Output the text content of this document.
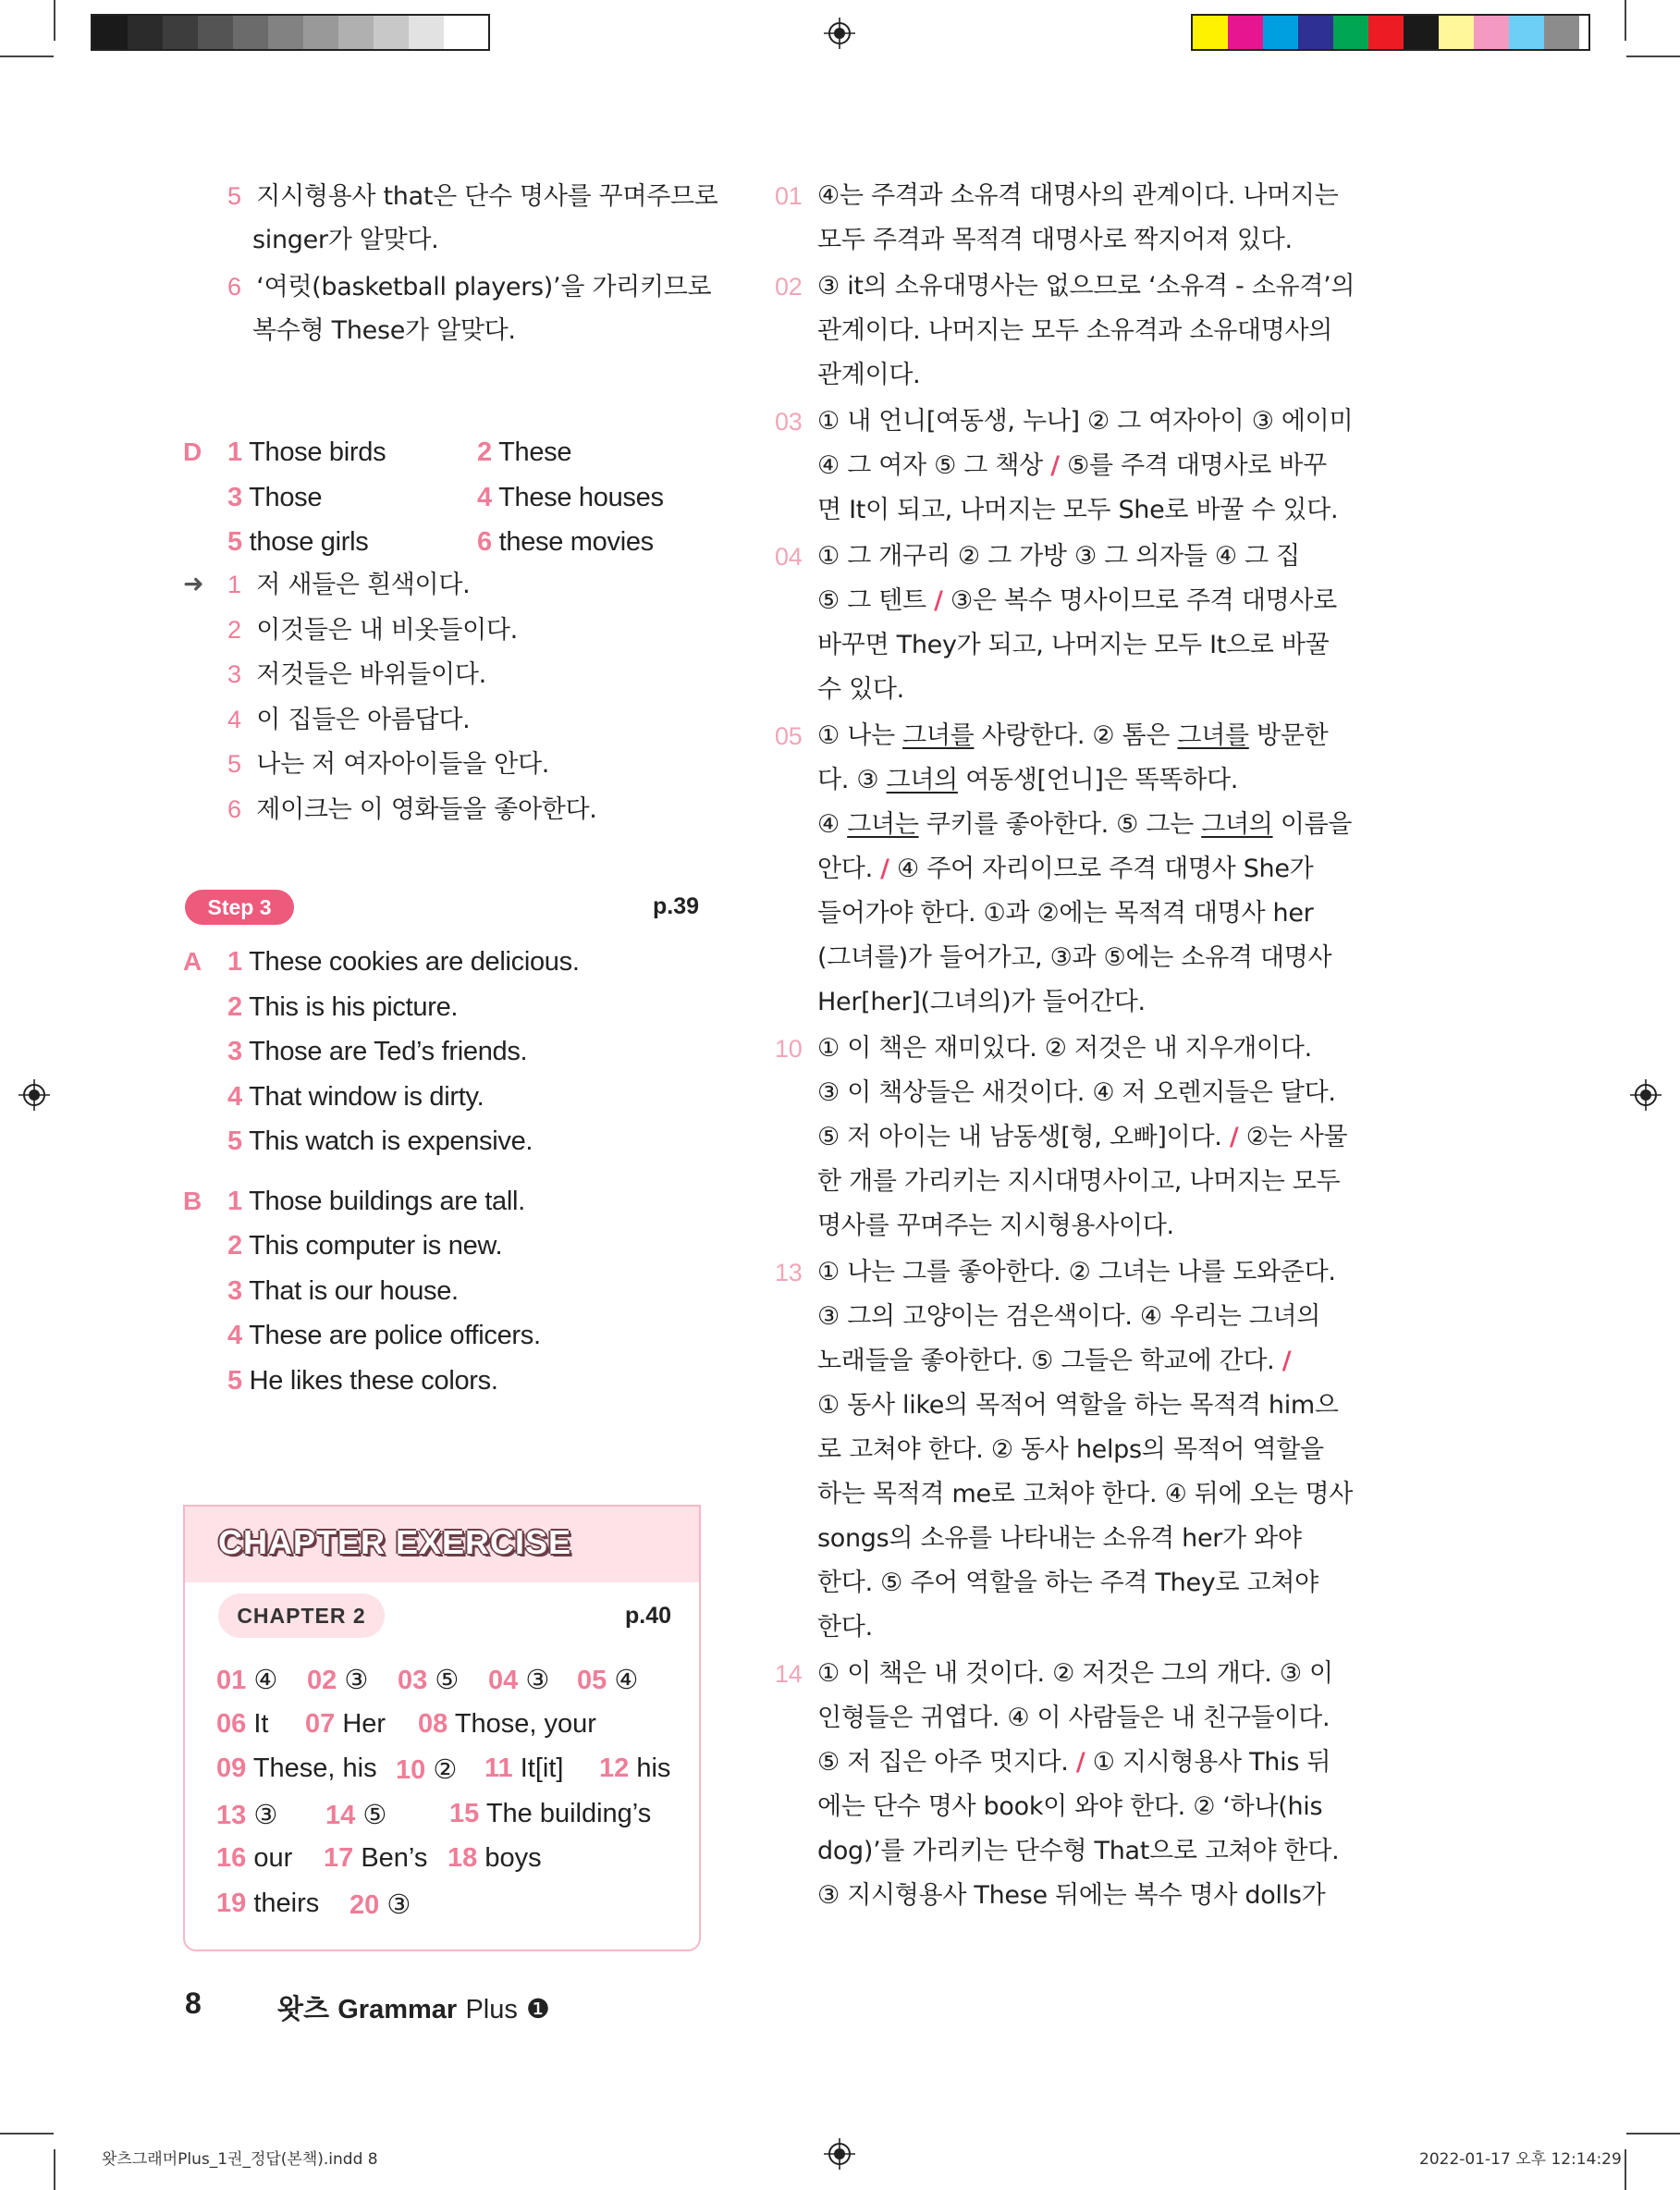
5 지시형용사 that은 단수 명사를 꾸며주므로
singer가 알맞다.
6 ‘여럿(basketball players)’을 가리키므로
복수형 These가 알맞다.
D 1 Those birds	2 These
3 Those	4 These houses
5 those girls	6 these movies
➜ 1 저 새들은 흰색이다.
2 이것들은 내 비옷들이다.
3 저것들은 바위들이다.
4 이 집들은 아름답다.
5 나는 저 여자아이들을 안다.
6 제이크는 이 영화들을 좋아한다.
Step 3	p.39
A 1 These cookies are delicious.
2 This is his picture.
3 Those are Ted’s friends.
4 That window is dirty.
5 This watch is expensive.
B 1 Those buildings are tall.
2 This computer is new.
3 That is our house.
4 These are police officers.
5 He likes these colors.
CHAPTER EXERCISE
CHAPTER 2	p.40
01 ④ 02 ③ 03 ⑤ 04 ③ 05 ④
06 It 07 Her 08 Those, your
09 These, his 10 ② 11 It[it] 12 his
13 ③ 14 ⑤ 15 The building’s
16 our 17 Ben’s 18 boys
19 theirs 20 ③
8	왓츠 Grammar Plus ❶
01 ④는 주격과 소유격 대명사의 관계이다. 나머지는
모두 주격과 목적격 대명사로 짝지어져 있다.
02 ③ it의 소유대명사는 없으므로 ‘소유격 - 소유격’의
관계이다. 나머지는 모두 소유격과 소유대명사의
관계이다.
03 ① 내 언니[여동생, 누나] ② 그 여자아이 ③ 에이미
④ 그 여자 ⑤ 그 책상 / ⑤를 주격 대명사로 바꾸
면 It이 되고, 나머지는 모두 She로 바꿀 수 있다.
04 ① 그 개구리 ② 그 가방 ③ 그 의자들 ④ 그 집
⑤ 그 텐트 / ③은 복수 명사이므로 주격 대명사로
바꾸면 They가 되고, 나머지는 모두 It으로 바꿀
수 있다.
05 ① 나는 그녀를 사랑한다. ② 톰은 그녀를 방문한
다. ③ 그녀의 여동생[언니]은 똑똑하다.
④ 그녀는 쿠키를 좋아한다. ⑤ 그는 그녀의 이름을
안다. / ④ 주어 자리이므로 주격 대명사 She가
들어가야 한다. ①과 ②에는 목적격 대명사 her
(그녀를)가 들어가고, ③과 ⑤에는 소유격 대명사
Her[her](그녀의)가 들어간다.
10 ① 이 책은 재미있다. ② 저것은 내 지우개이다.
③ 이 책상들은 새것이다. ④ 저 오렌지들은 달다.
⑤ 저 아이는 내 남동생[형, 오빠]이다. / ②는 사물
한 개를 가리키는 지시대명사이고, 나머지는 모두
명사를 꾸며주는 지시형용사이다.
13 ① 나는 그를 좋아한다. ② 그녀는 나를 도와준다.
③ 그의 고양이는 검은색이다. ④ 우리는 그녀의
노래들을 좋아한다. ⑤ 그들은 학교에 간다. /
① 동사 like의 목적어 역할을 하는 목적격 him으
로 고쳐야 한다. ② 동사 helps의 목적어 역할을
하는 목적격 me로 고쳐야 한다. ④ 뒤에 오는 명사
songs의 소유를 나타내는 소유격 her가 와야
한다. ⑤ 주어 역할을 하는 주격 They로 고쳐야
한다.
14 ① 이 책은 내 것이다. ② 저것은 그의 개다. ③ 이
인형들은 귀엽다. ④ 이 사람들은 내 친구들이다.
⑤ 저 집은 아주 멋지다. / ① 지시형용사 This 뒤
에는 단수 명사 book이 와야 한다. ② ‘하나(his
dog)’를 가리키는 단수형 That으로 고쳐야 한다.
③ 지시형용사 These 뒤에는 복수 명사 dolls가
왓츠그래머Plus_1권_정답(본책).indd 8	2022-01-17 오후 12:14:29
